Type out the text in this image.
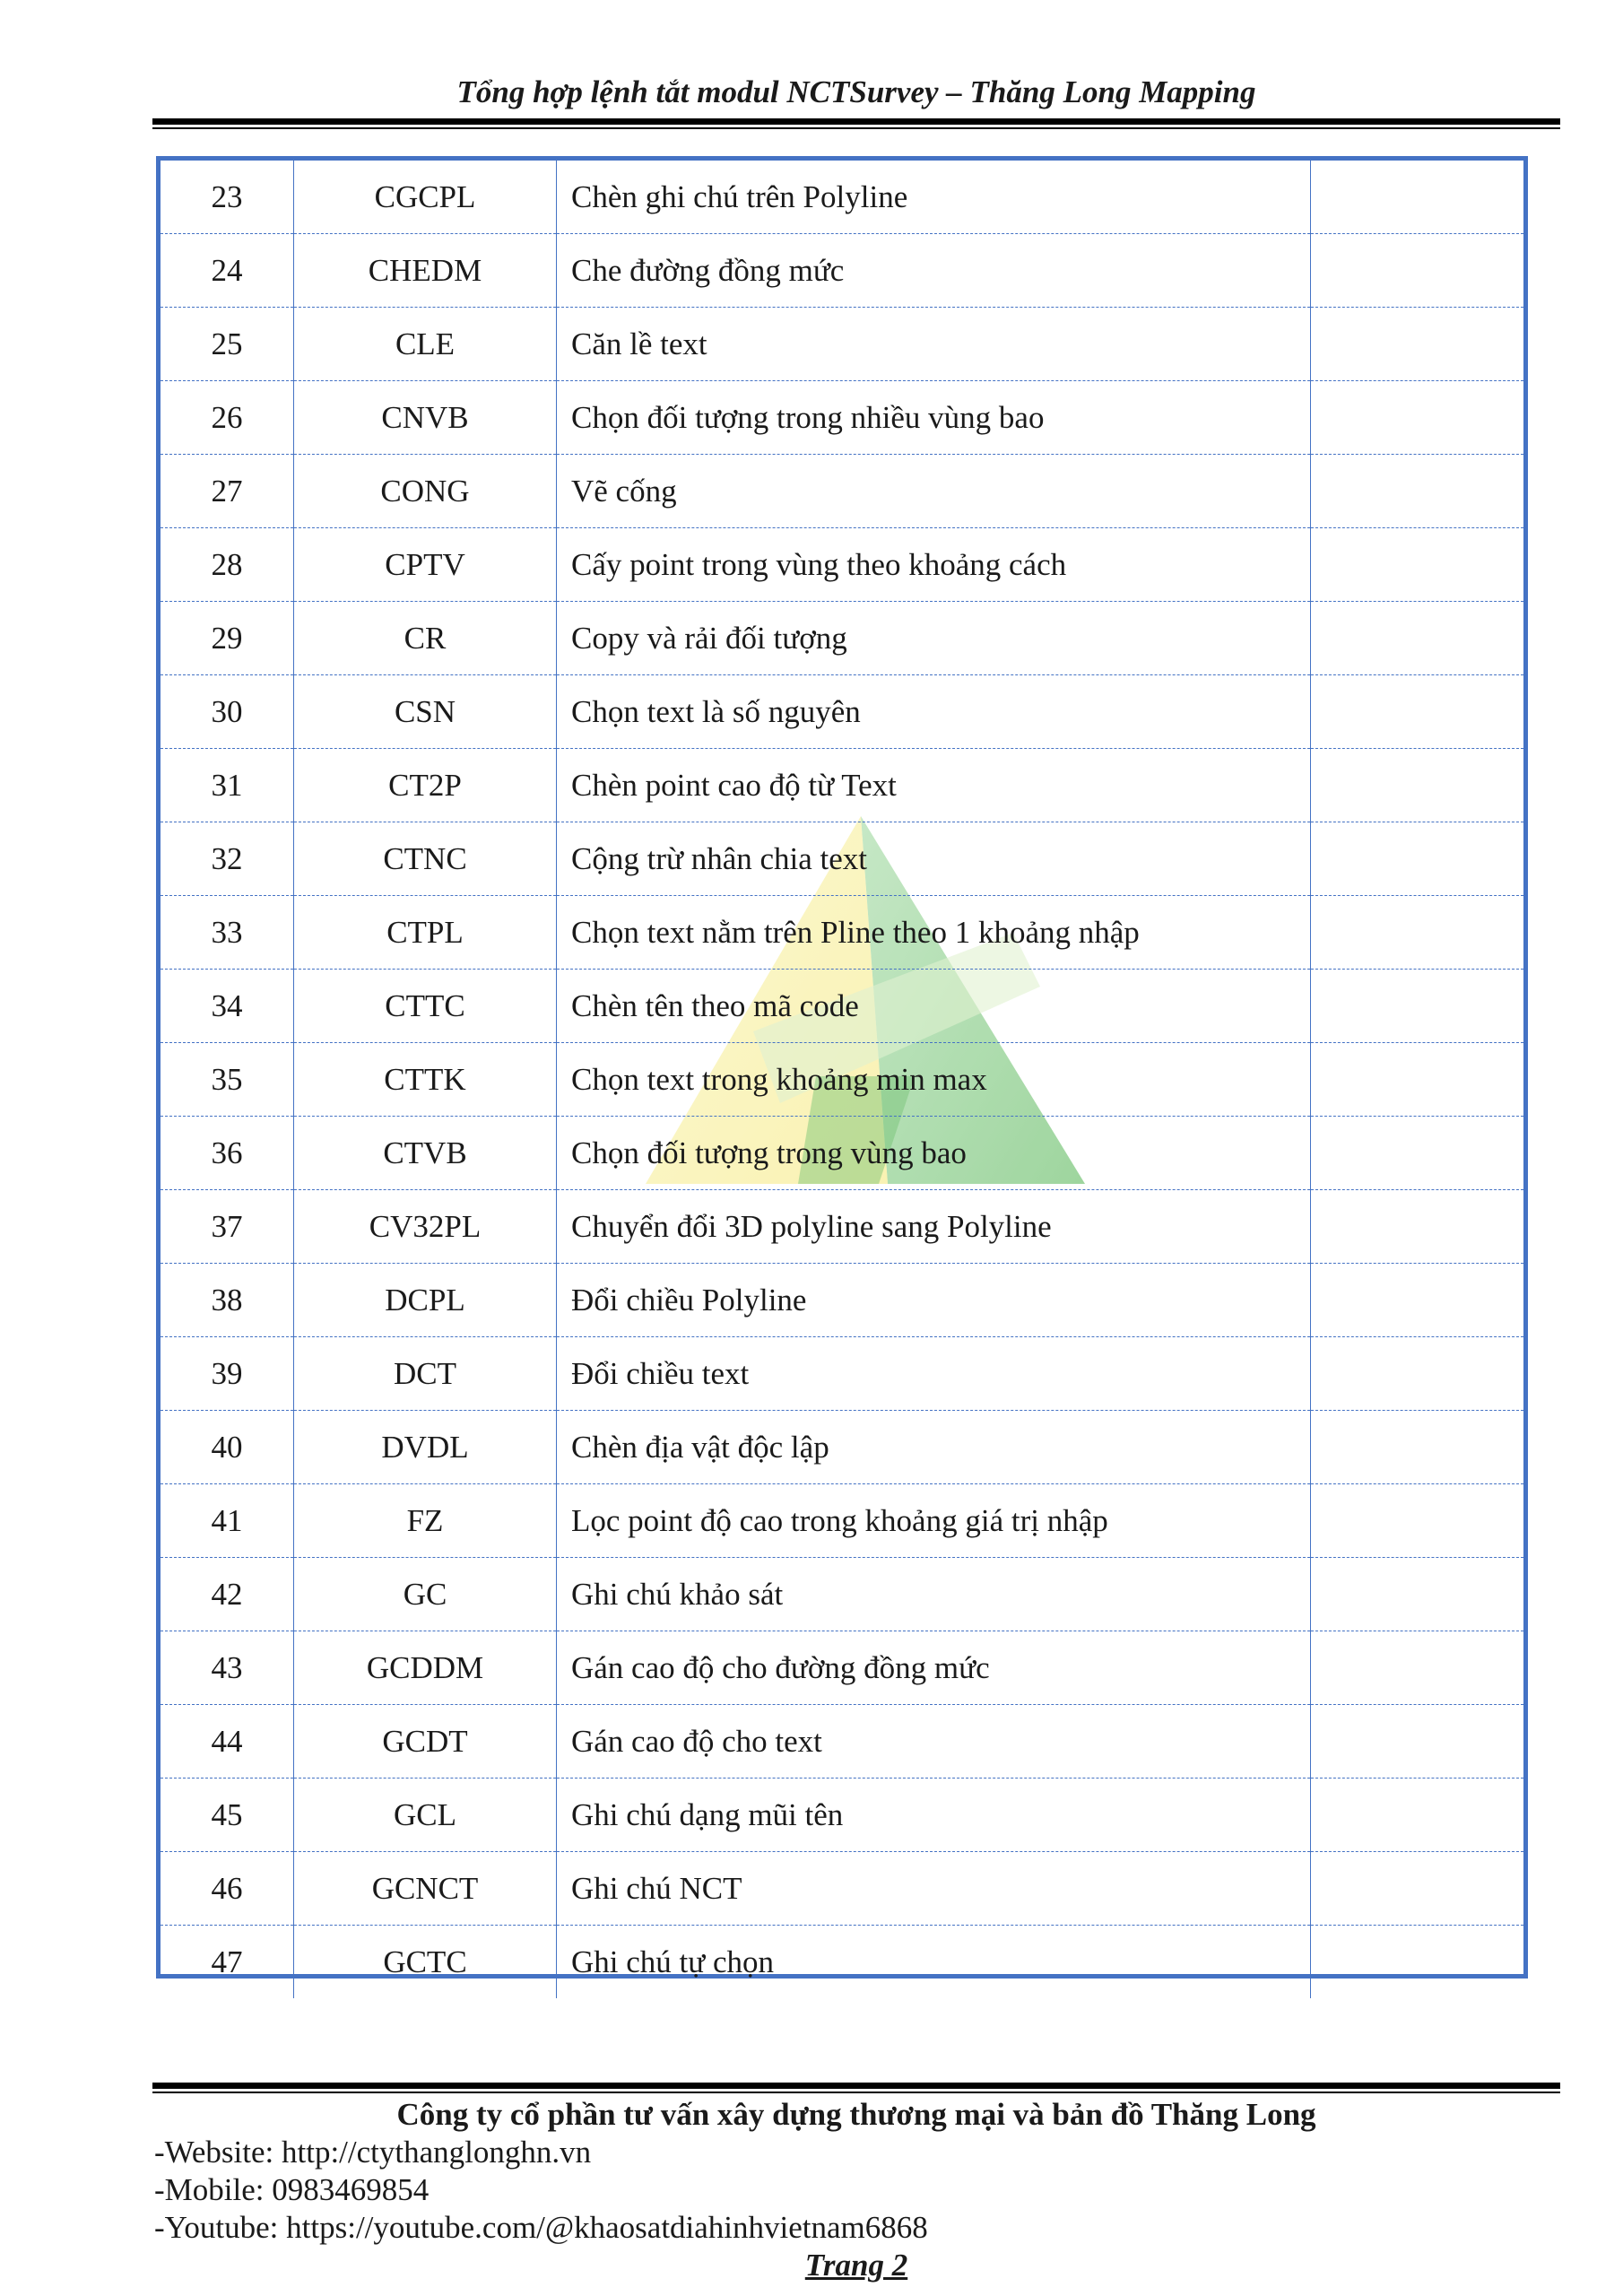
Tổng hợp lệnh tắt modul NCTSurvey – Thăng Long Mapping
23	CGCPL	Chèn ghi chú trên Polyline	
24	CHEDM	Che đường đồng mức	
25	CLE	Căn lề text	
26	CNVB	Chọn đối tượng trong nhiều vùng bao	
27	CONG	Vẽ cống	
28	CPTV	Cấy point trong vùng theo khoảng cách	
29	CR	Copy và rải đối tượng	
30	CSN	Chọn text là số nguyên	
31	CT2P	Chèn point cao độ từ Text	
32	CTNC	Cộng trừ nhân chia text	
33	CTPL	Chọn text nằm trên Pline theo 1 khoảng nhập	
34	CTTC	Chèn tên theo mã code	
35	CTTK	Chọn text trong khoảng min max	
36	CTVB	Chọn đối tượng trong vùng bao	
37	CV32PL	Chuyển đổi 3D polyline sang Polyline	
38	DCPL	Đổi chiều Polyline	
39	DCT	Đổi chiều text	
40	DVDL	Chèn địa vật độc lập	
41	FZ	Lọc point độ cao trong khoảng giá trị nhập	
42	GC	Ghi chú khảo sát	
43	GCDDM	Gán cao độ cho đường đồng mức	
44	GCDT	Gán cao độ cho text	
45	GCL	Ghi chú dạng mũi tên	
46	GCNCT	Ghi chú NCT	
47	GCTC	Ghi chú tự chọn	
Công ty cổ phần tư vấn xây dựng thương mại và bản đồ Thăng Long
-Website: http://ctythanglonghn.vn
-Mobile: 0983469854
-Youtube: https://youtube.com/@khaosatdiahinhvietnam6868
Trang 2
